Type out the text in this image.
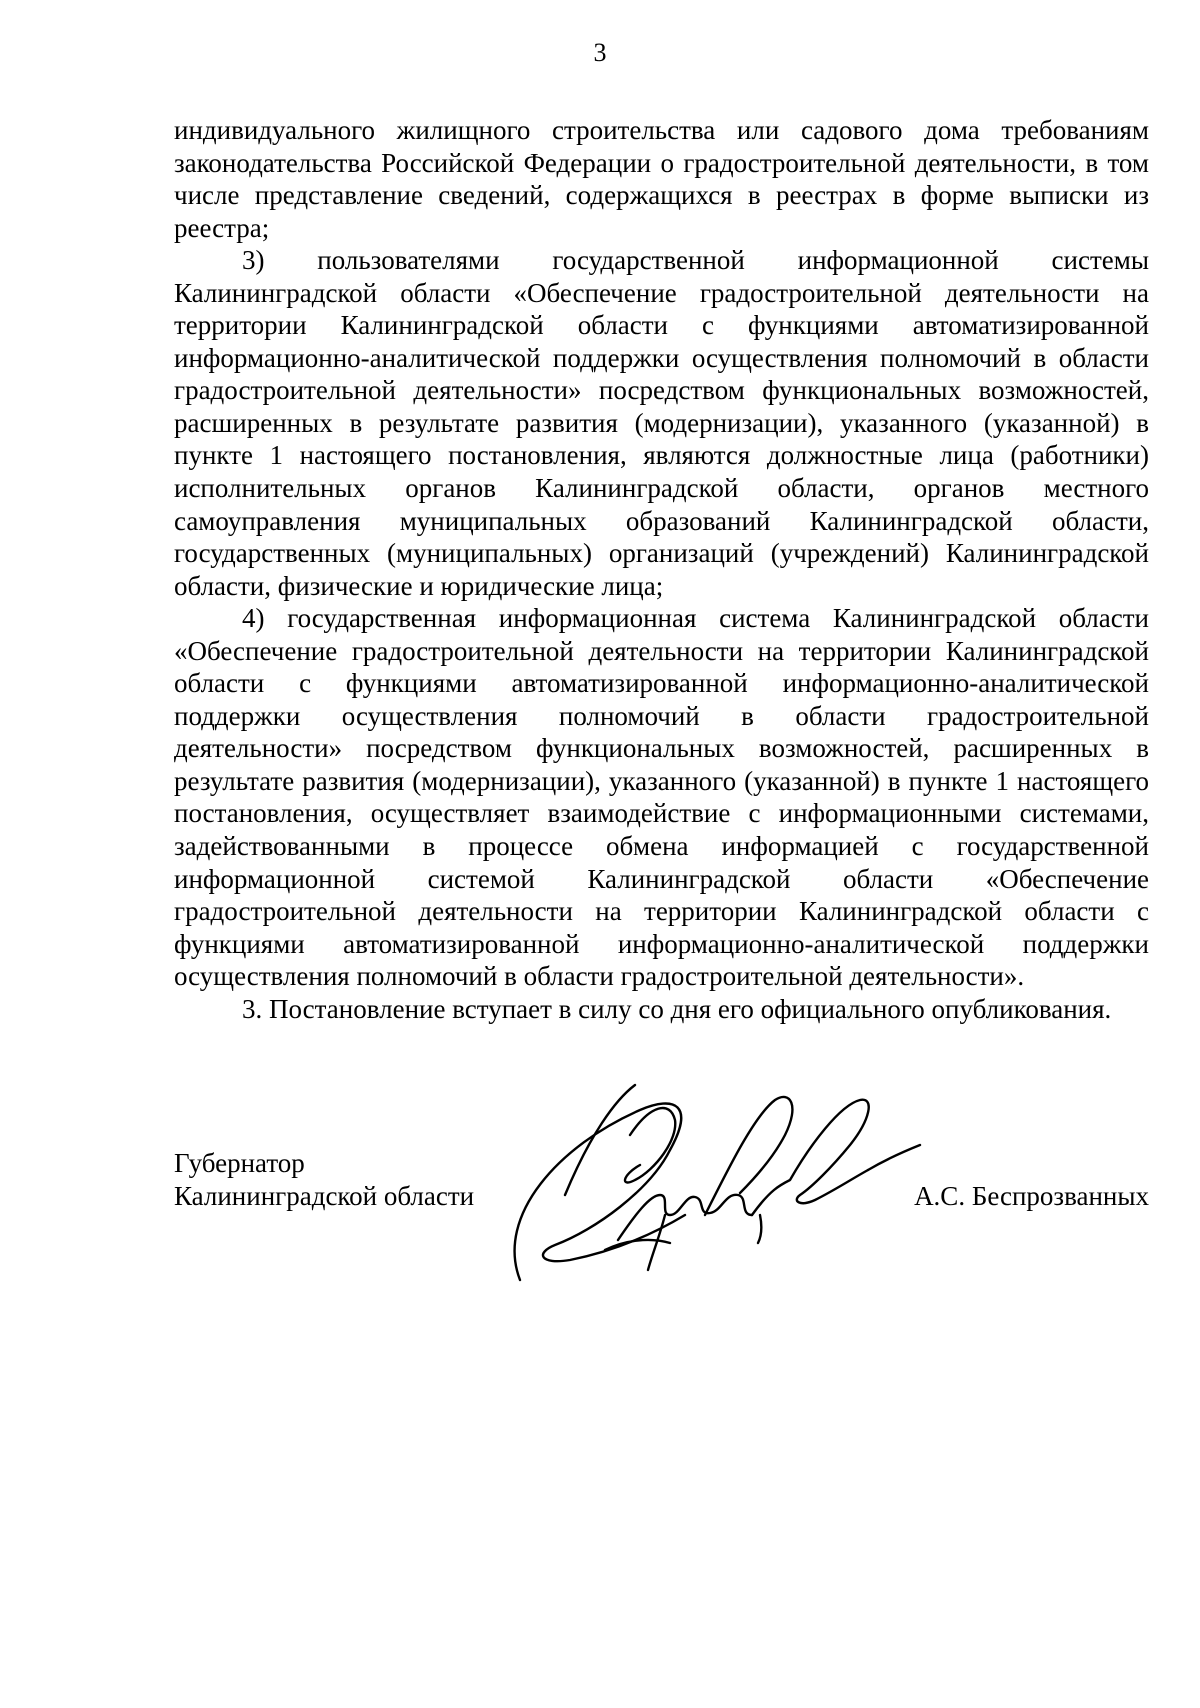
3

индивидуального жилищного строительства или садового дома требованиям законодательства Российской Федерации о градостроительной деятельности, в том числе представление сведений, содержащихся в реестрах в форме выписки из реестра;

3) пользователями государственной информационной системы Калининградской области «Обеспечение градостроительной деятельности на территории Калининградской области с функциями автоматизированной информационно-аналитической поддержки осуществления полномочий в области градостроительной деятельности» посредством функциональных возможностей, расширенных в результате развития (модернизации), указанного (указанной) в пункте 1 настоящего постановления, являются должностные лица (работники) исполнительных органов Калининградской области, органов местного самоуправления муниципальных образований Калининградской области, государственных (муниципальных) организаций (учреждений) Калининградской области, физические и юридические лица;

4) государственная информационная система Калининградской области «Обеспечение градостроительной деятельности на территории Калининградской области с функциями автоматизированной информационно-аналитической поддержки осуществления полномочий в области градостроительной деятельности» посредством функциональных возможностей, расширенных в результате развития (модернизации), указанного (указанной) в пункте 1 настоящего постановления, осуществляет взаимодействие с информационными системами, задействованными в процессе обмена информацией с государственной информационной системой Калининградской области «Обеспечение градостроительной деятельности на территории Калининградской области с функциями автоматизированной информационно-аналитической поддержки осуществления полномочий в области градостроительной деятельности».

3. Постановление вступает в силу со дня его официального опубликования.

Губернатор
Калининградской области	А.С. Беспрозванных
